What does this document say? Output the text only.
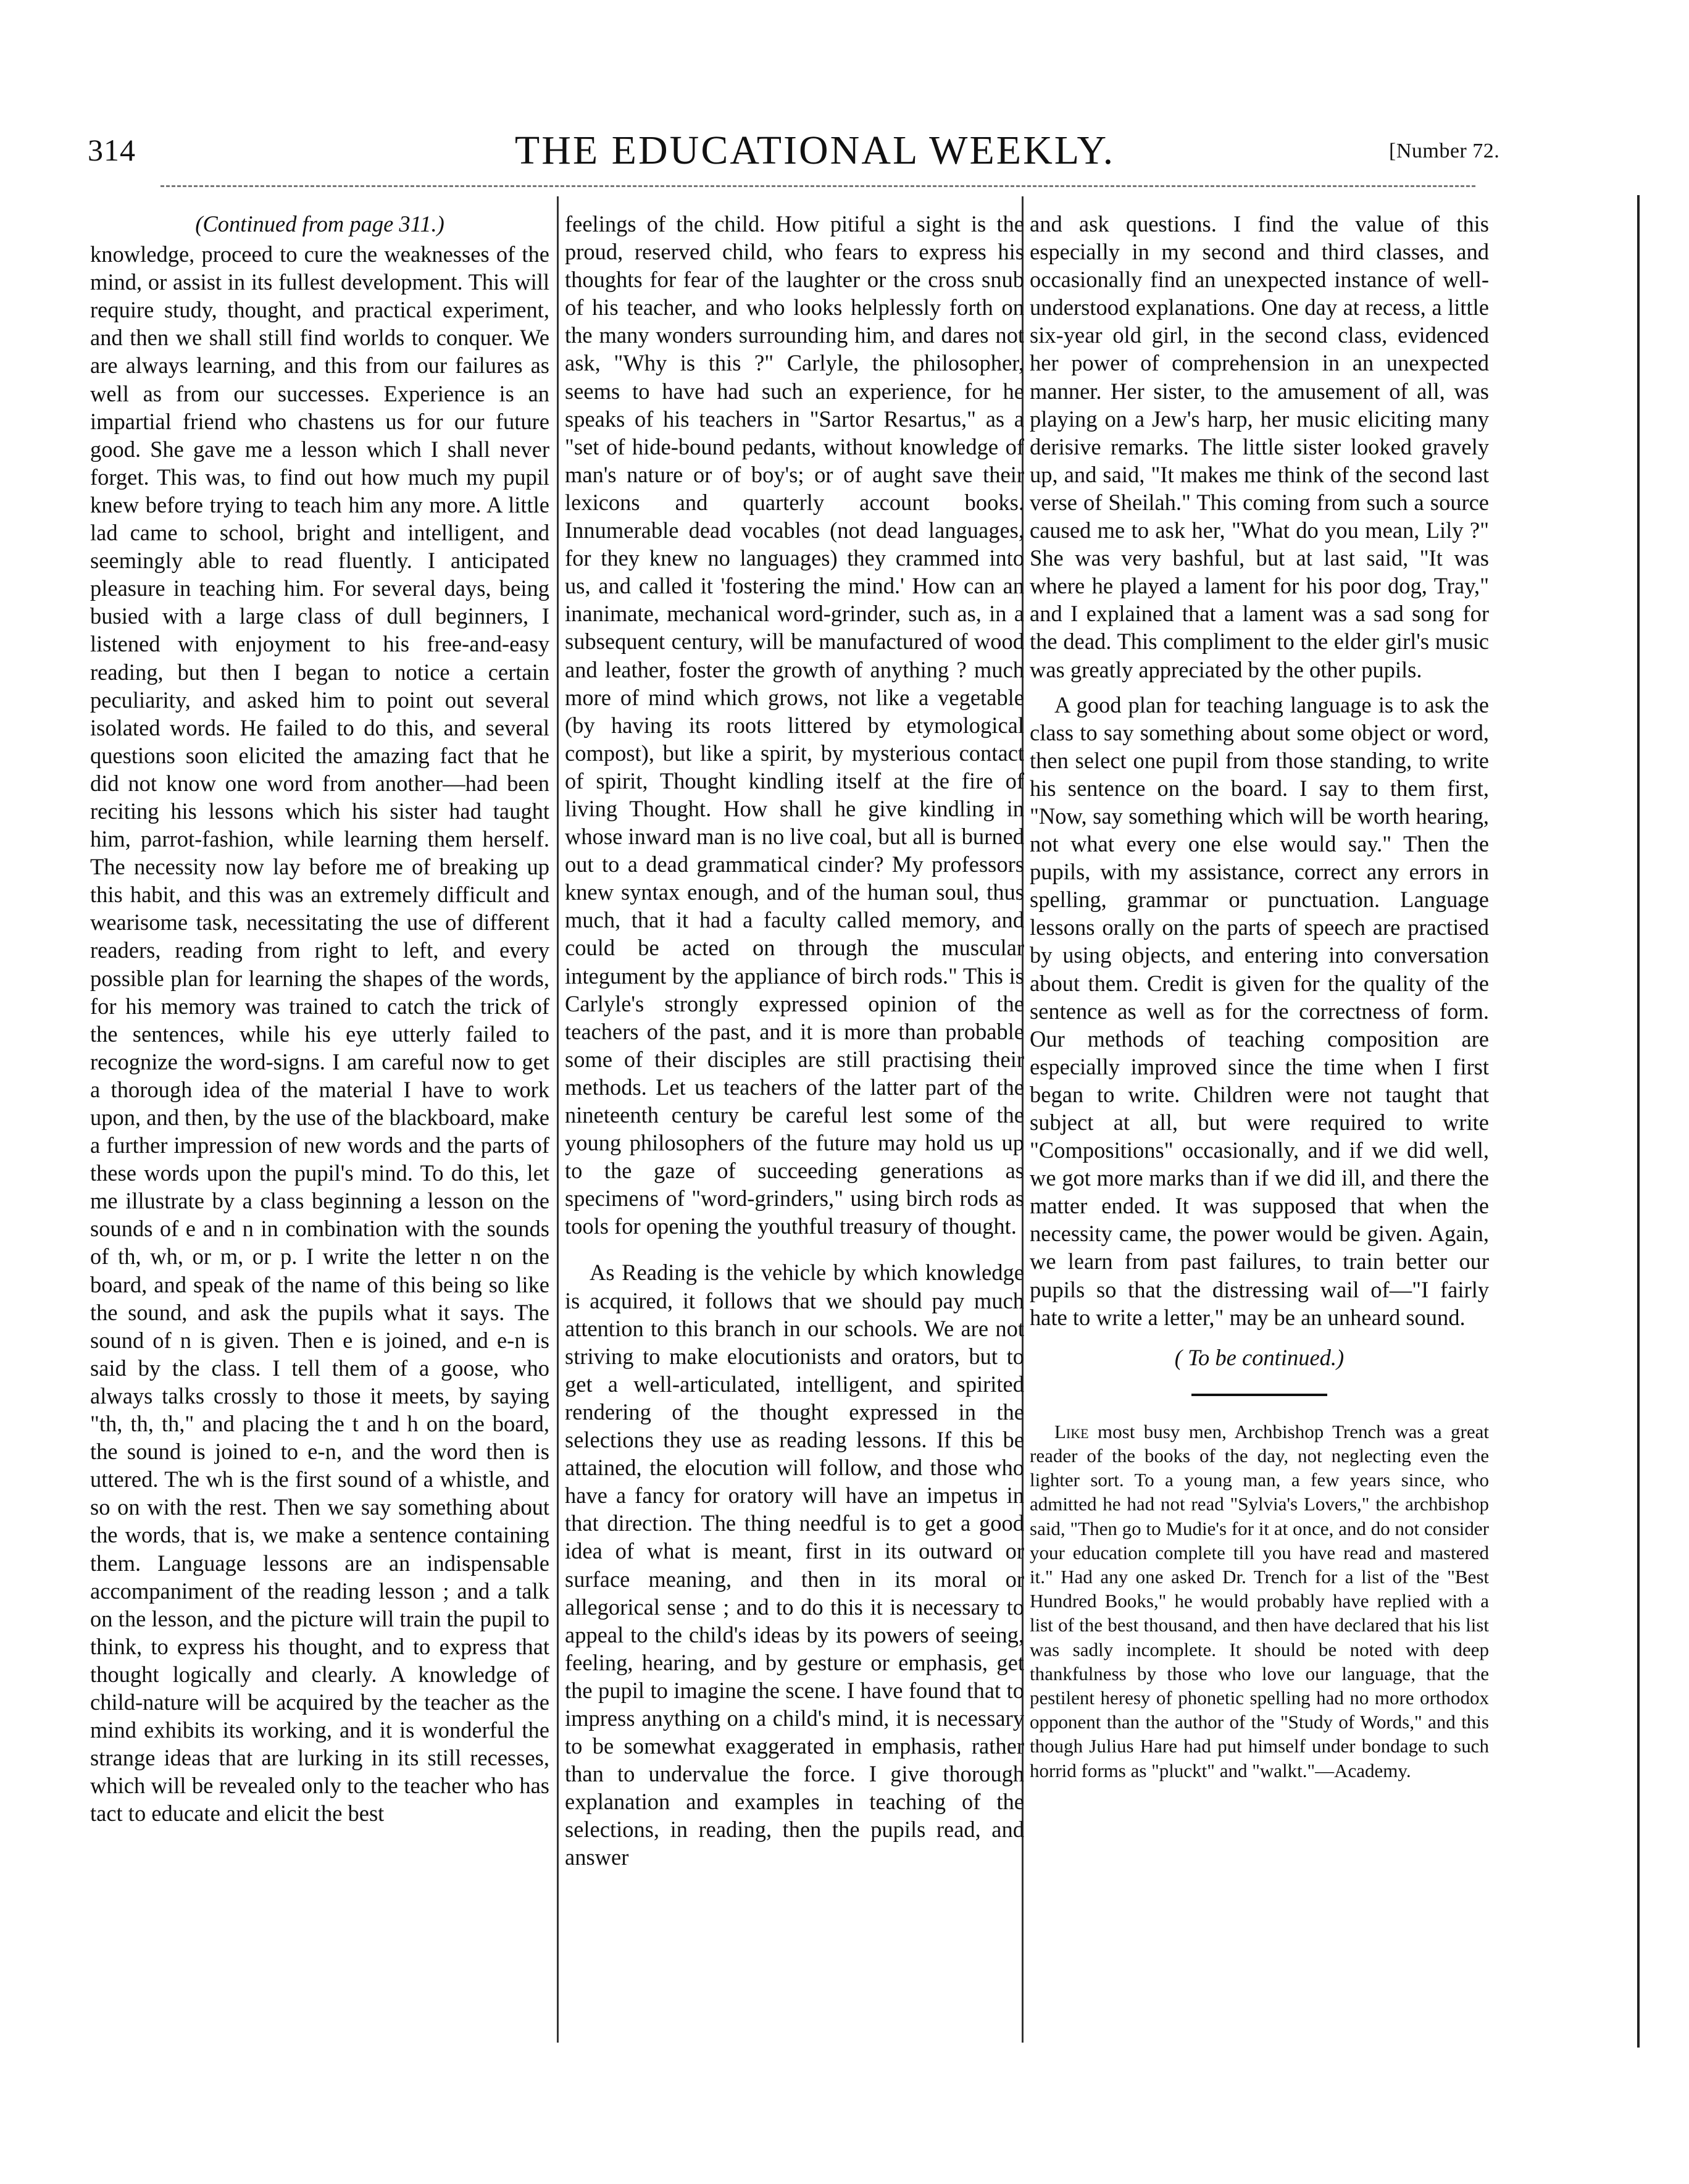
314	THE EDUCATIONAL WEEKLY.	[Number 72.

(Continued from page 311.)

knowledge, proceed to cure the weaknesses of the mind, or assist in its fullest development. This will require study, thought, and practical experiment, and then we shall still find worlds to conquer. We are always learning, and this from our failures as well as from our successes. Experience is an impartial friend who chastens us for our future good. She gave me a lesson which I shall never forget. This was, to find out how much my pupil knew before trying to teach him any more. A little lad came to school, bright and intelligent, and seemingly able to read fluently. I anticipated pleasure in teaching him. For several days, being busied with a large class of dull beginners, I listened with enjoyment to his free-and-easy reading, but then I began to notice a certain peculiarity, and asked him to point out several isolated words. He failed to do this, and several questions soon elicited the amazing fact that he did not know one word from another—had been reciting his lessons which his sister had taught him, parrot-fashion, while learning them herself. The necessity now lay before me of breaking up this habit, and this was an extremely difficult and wearisome task, necessitating the use of different readers, reading from right to left, and every possible plan for learning the shapes of the words, for his memory was trained to catch the trick of the sentences, while his eye utterly failed to recognize the word-signs. I am careful now to get a thorough idea of the material I have to work upon, and then, by the use of the blackboard, make a further impression of new words and the parts of these words upon the pupil's mind. To do this, let me illustrate by a class beginning a lesson on the sounds of e and n in combination with the sounds of th, wh, or m, or p. I write the letter n on the board, and speak of the name of this being so like the sound, and ask the pupils what it says. The sound of n is given. Then e is joined, and e-n is said by the class. I tell them of a goose, who always talks crossly to those it meets, by saying "th, th, th," and placing the t and h on the board, the sound is joined to e-n, and the word then is uttered. The wh is the first sound of a whistle, and so on with the rest. Then we say something about the words, that is, we make a sentence containing them. Language lessons are an indispensable accompaniment of the reading lesson ; and a talk on the lesson, and the picture will train the pupil to think, to express his thought, and to express that thought logically and clearly. A knowledge of child-nature will be acquired by the teacher as the mind exhibits its working, and it is wonderful the strange ideas that are lurking in its still recesses, which will be revealed only to the teacher who has tact to educate and elicit the best

feelings of the child. How pitiful a sight is the proud, reserved child, who fears to express his thoughts for fear of the laughter or the cross snub of his teacher, and who looks helplessly forth on the many wonders surrounding him, and dares not ask, "Why is this ?" Carlyle, the philosopher, seems to have had such an experience, for he speaks of his teachers in "Sartor Resartus," as a "set of hide-bound pedants, without knowledge of man's nature or of boy's; or of aught save their lexicons and quarterly account books. Innumerable dead vocables (not dead languages, for they knew no languages) they crammed into us, and called it 'fostering the mind.' How can an inanimate, mechanical word-grinder, such as, in a subsequent century, will be manufactured of wood and leather, foster the growth of anything ? much more of mind which grows, not like a vegetable (by having its roots littered by etymological compost), but like a spirit, by mysterious contact of spirit, Thought kindling itself at the fire of living Thought. How shall he give kindling in whose inward man is no live coal, but all is burned out to a dead grammatical cinder? My professors knew syntax enough, and of the human soul, thus much, that it had a faculty called memory, and could be acted on through the muscular integument by the appliance of birch rods." This is Carlyle's strongly expressed opinion of the teachers of the past, and it is more than probable some of their disciples are still practising their methods. Let us teachers of the latter part of the nineteenth century be careful lest some of the young philosophers of the future may hold us up to the gaze of succeeding generations as specimens of "word-grinders," using birch rods as tools for opening the youthful treasury of thought.

As Reading is the vehicle by which knowledge is acquired, it follows that we should pay much attention to this branch in our schools. We are not striving to make elocutionists and orators, but to get a well-articulated, intelligent, and spirited rendering of the thought expressed in the selections they use as reading lessons. If this be attained, the elocution will follow, and those who have a fancy for oratory will have an impetus in that direction. The thing needful is to get a good idea of what is meant, first in its outward or surface meaning, and then in its moral or allegorical sense ; and to do this it is necessary to appeal to the child's ideas by its powers of seeing, feeling, hearing, and by gesture or emphasis, get the pupil to imagine the scene. I have found that to impress anything on a child's mind, it is necessary to be somewhat exaggerated in emphasis, rather than to undervalue the force. I give thorough explanation and examples in teaching of the selections, in reading, then the pupils read, and answer

and ask questions. I find the value of this especially in my second and third classes, and occasionally find an unexpected instance of well-understood explanations. One day at recess, a little six-year old girl, in the second class, evidenced her power of comprehension in an unexpected manner. Her sister, to the amusement of all, was playing on a Jew's harp, her music eliciting many derisive remarks. The little sister looked gravely up, and said, "It makes me think of the second last verse of Sheilah." This coming from such a source caused me to ask her, "What do you mean, Lily ?" She was very bashful, but at last said, "It was where he played a lament for his poor dog, Tray," and I explained that a lament was a sad song for the dead. This compliment to the elder girl's music was greatly appreciated by the other pupils.

A good plan for teaching language is to ask the class to say something about some object or word, then select one pupil from those standing, to write his sentence on the board. I say to them first, "Now, say something which will be worth hearing, not what every one else would say." Then the pupils, with my assistance, correct any errors in spelling, grammar or punctuation. Language lessons orally on the parts of speech are practised by using objects, and entering into conversation about them. Credit is given for the quality of the sentence as well as for the correctness of form. Our methods of teaching composition are especially improved since the time when I first began to write. Children were not taught that subject at all, but were required to write "Compositions" occasionally, and if we did well, we got more marks than if we did ill, and there the matter ended. It was supposed that when the necessity came, the power would be given. Again, we learn from past failures, to train better our pupils so that the distressing wail of—"I fairly hate to write a letter," may be an unheard sound.

( To be continued.)

Like most busy men, Archbishop Trench was a great reader of the books of the day, not neglecting even the lighter sort. To a young man, a few years since, who admitted he had not read "Sylvia's Lovers," the archbishop said, "Then go to Mudie's for it at once, and do not consider your education complete till you have read and mastered it." Had any one asked Dr. Trench for a list of the "Best Hundred Books," he would probably have replied with a list of the best thousand, and then have declared that his list was sadly incomplete. It should be noted with deep thankfulness by those who love our language, that the pestilent heresy of phonetic spelling had no more orthodox opponent than the author of the "Study of Words," and this though Julius Hare had put himself under bondage to such horrid forms as "pluckt" and "walkt."—Academy.
